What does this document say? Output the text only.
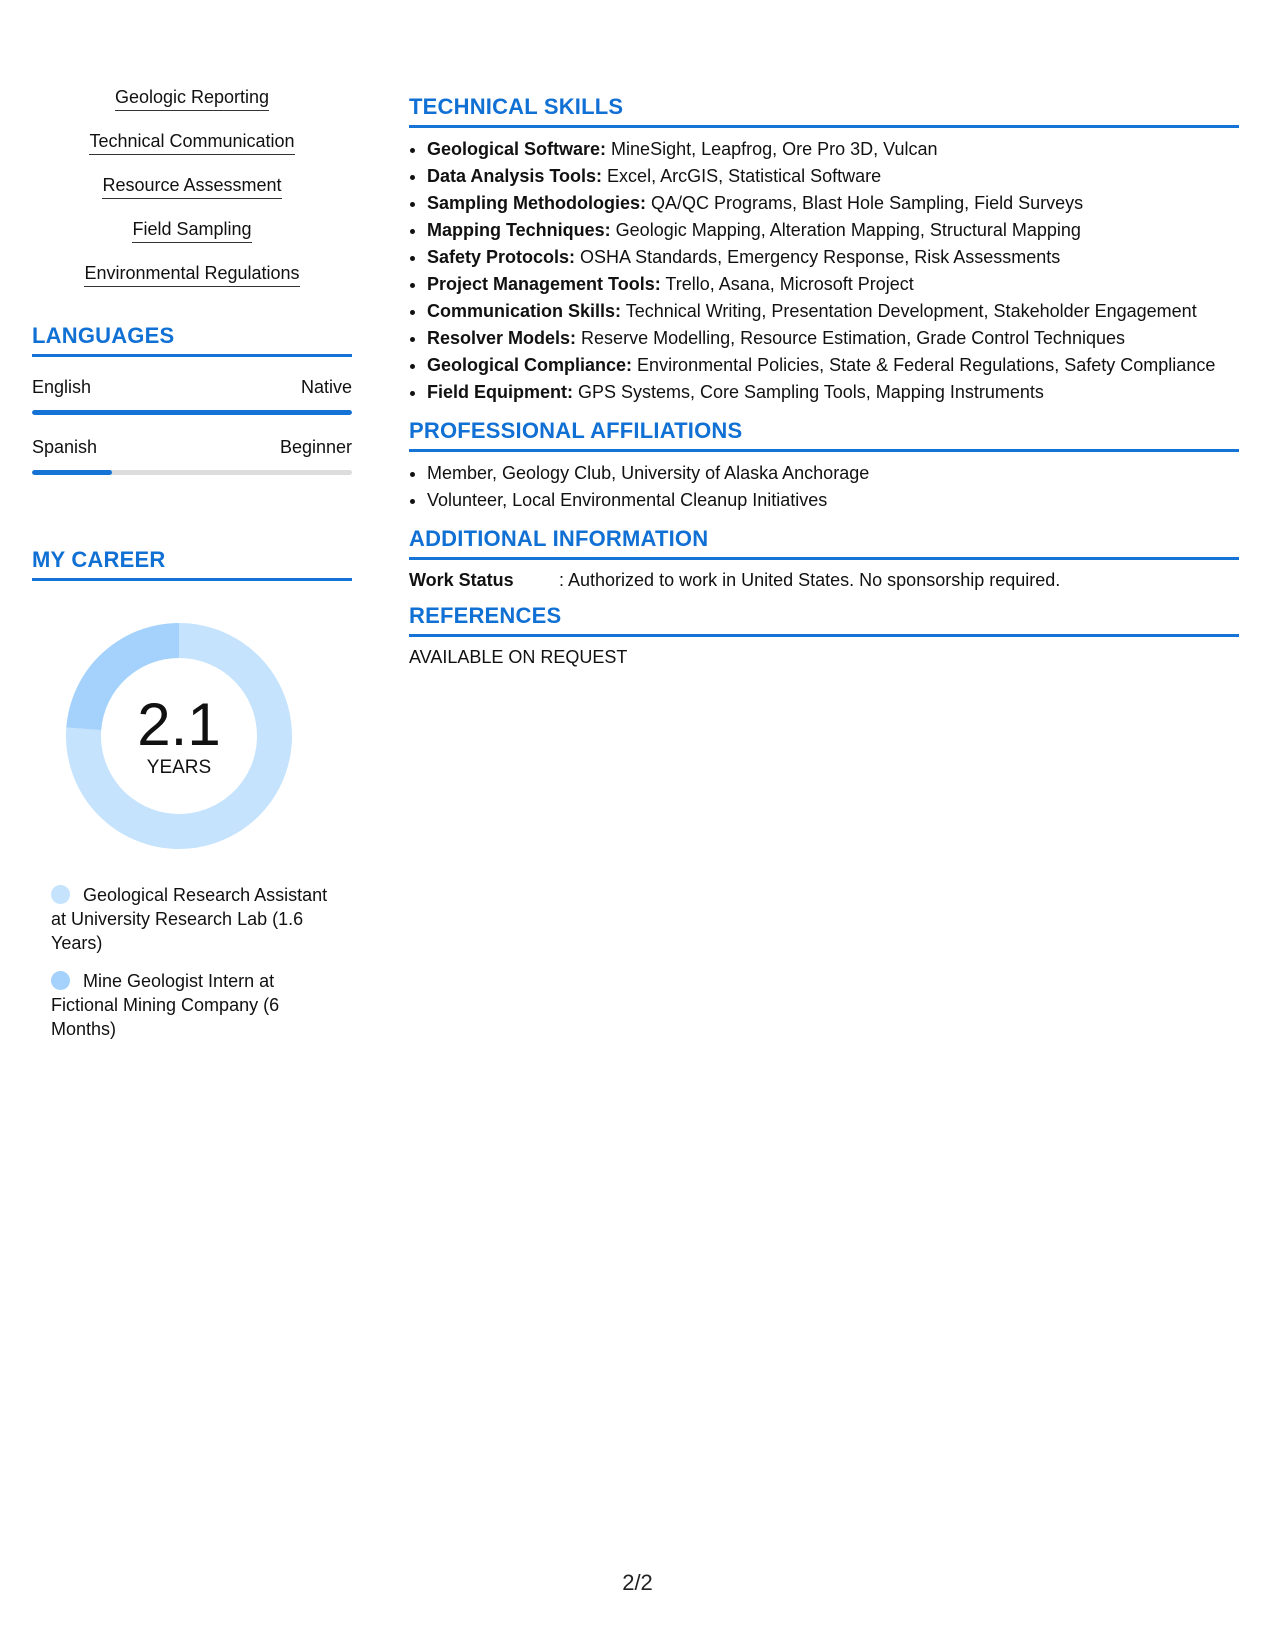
Geologic Reporting
Technical Communication
Resource Assessment
Field Sampling
Environmental Regulations
LANGUAGES
English	Native
Spanish	Beginner
MY CAREER
2.1
YEARS
Geological Research Assistant at University Research Lab (1.6 Years)
Mine Geologist Intern at Fictional Mining Company (6 Months)
TECHNICAL SKILLS
• Geological Software: MineSight, Leapfrog, Ore Pro 3D, Vulcan
• Data Analysis Tools: Excel, ArcGIS, Statistical Software
• Sampling Methodologies: QA/QC Programs, Blast Hole Sampling, Field Surveys
• Mapping Techniques: Geologic Mapping, Alteration Mapping, Structural Mapping
• Safety Protocols: OSHA Standards, Emergency Response, Risk Assessments
• Project Management Tools: Trello, Asana, Microsoft Project
• Communication Skills: Technical Writing, Presentation Development, Stakeholder Engagement
• Resolver Models: Reserve Modelling, Resource Estimation, Grade Control Techniques
• Geological Compliance: Environmental Policies, State & Federal Regulations, Safety Compliance
• Field Equipment: GPS Systems, Core Sampling Tools, Mapping Instruments
PROFESSIONAL AFFILIATIONS
• Member, Geology Club, University of Alaska Anchorage
• Volunteer, Local Environmental Cleanup Initiatives
ADDITIONAL INFORMATION
Work Status	: Authorized to work in United States. No sponsorship required.
REFERENCES
AVAILABLE ON REQUEST
2/2
